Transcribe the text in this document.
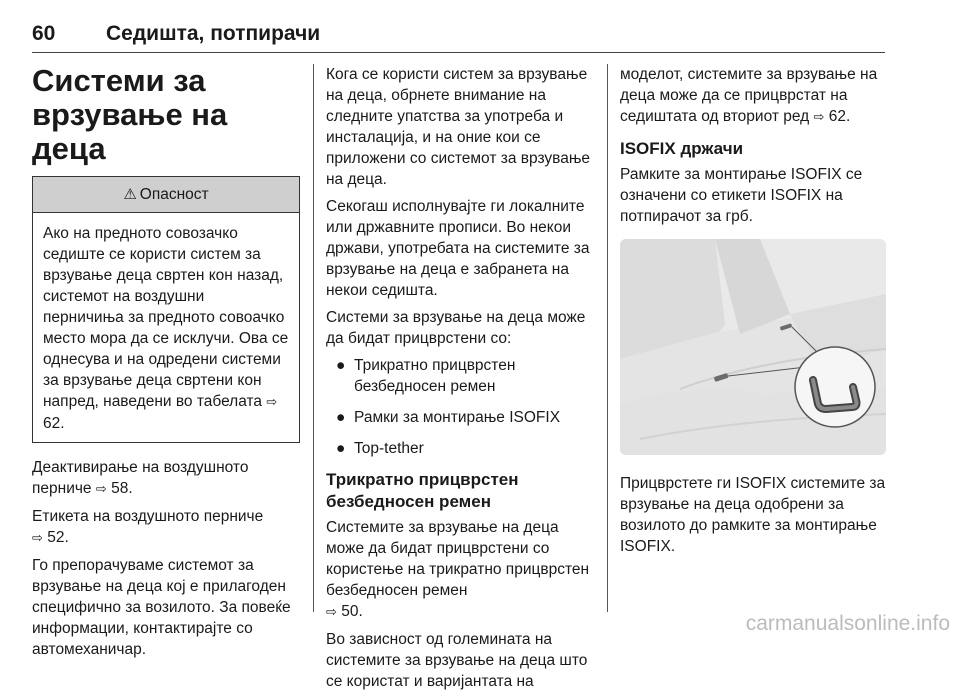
60 Седишта, потпирачи
Системи за врзување на деца
⚠ Опасност
Ако на предното совозачко седиште се користи систем за врзување деца свртен кон назад, системот на воздушни перничиња за предното совоачко место мора да се исклучи. Ова се однесува и на одредени системи за врзување деца свртени кон напред, наведени во табелата ⇨ 62.

Деактивирање на воздушното перниче ⇨ 58.

Етикета на воздушното перниче
⇨ 52.

Го препорачуваме системот за врзување на деца кој е прилагоден специфично за возилото. За повеќе информации, контактирајте со автомеханичар.

Кога се користи систем за врзување на деца, обрнете внимание на следните упатства за употреба и инсталација, и на оние кои се приложени со системот за врзување на деца.

Секогаш исполнувајте ги локалните или државните прописи. Во некои држави, употребата на системите за врзување на деца е забранета на некои седишта.

Системи за врзување на деца може да бидат прицврстени со:

● Трикратно прицврстен безбедносен ремен
● Рамки за монтирање ISOFIX
● Top-tether
Трикратно прицврстен безбедносен ремен

Системите за врзување на деца може да бидат прицврстени со користење на трикратно прицврстен безбедносен ремен
⇨ 50.

Во зависност од големината на системите за врзување на деца што се користат и варијантата на

моделот, системите за врзување на деца може да се прицврстат на седиштата од вториот ред ⇨ 62.

ISOFIX држачи

Рамките за монтирање ISOFIX се означени со етикети ISOFIX на потпирачот за грб.

Прицврстете ги ISOFIX системите за врзување на деца одобрени за возилото до рамките за монтирање ISOFIX.

carmanualsonline.info
